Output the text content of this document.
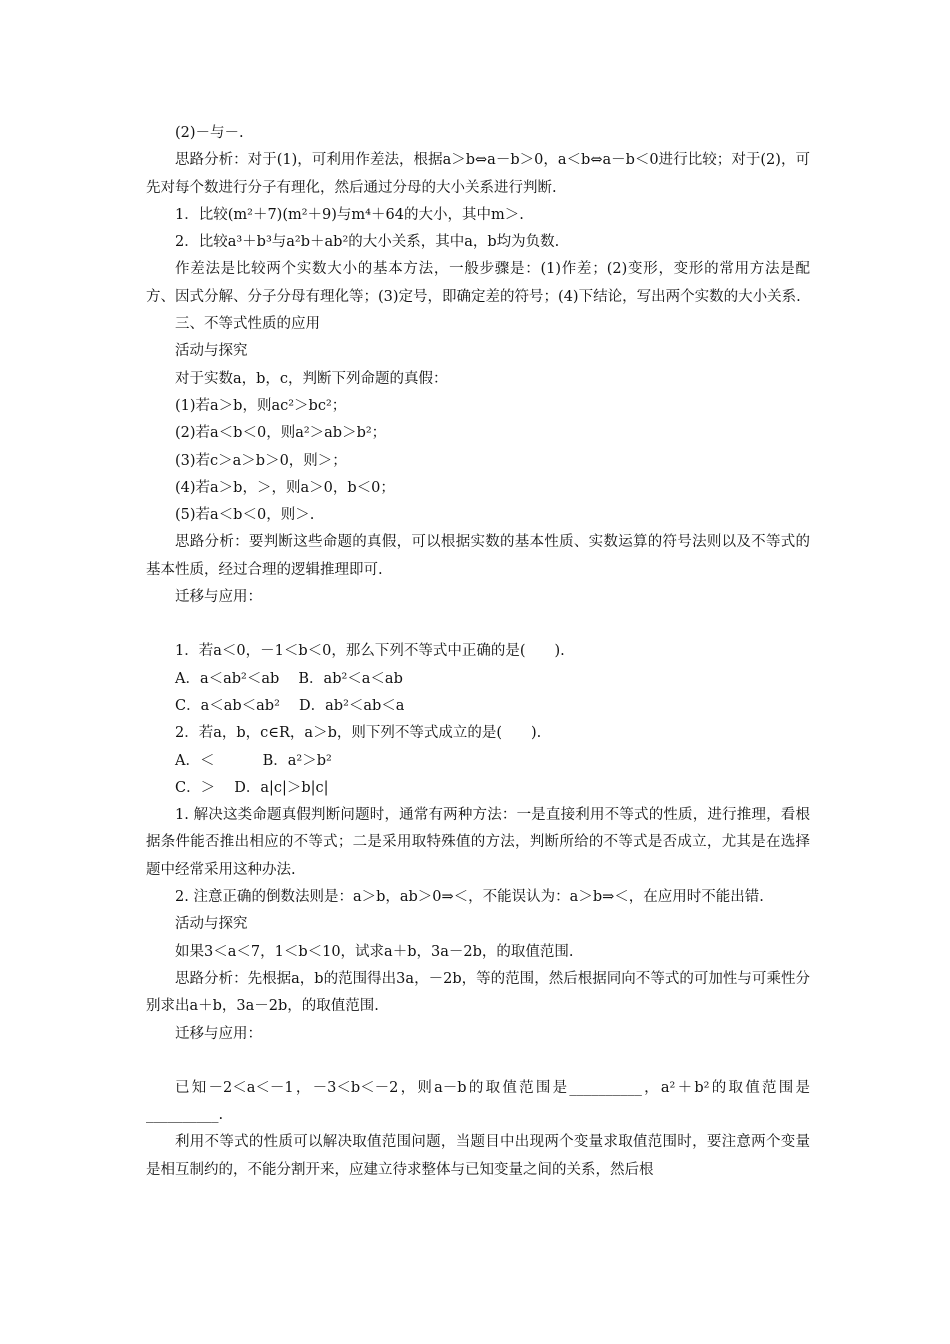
(2)－与－.

思路分析：对于(1)，可利用作差法，根据a＞b⇔a－b＞0，a＜b⇔a－b＜0进行比较；对于(2)，可先对每个数进行分子有理化，然后通过分母的大小关系进行判断.

1．比较(m²＋7)(m²＋9)与m⁴＋64的大小，其中m＞.

2．比较a³＋b³与a²b＋ab²的大小关系，其中a，b均为负数.

作差法是比较两个实数大小的基本方法，一般步骤是：(1)作差；(2)变形，变形的常用方法是配方、因式分解、分子分母有理化等；(3)定号，即确定差的符号；(4)下结论，写出两个实数的大小关系.

三、不等式性质的应用

活动与探究

对于实数a，b，c，判断下列命题的真假：

(1)若a＞b，则ac²＞bc²；

(2)若a＜b＜0，则a²＞ab＞b²；

(3)若c＞a＞b＞0，则＞；

(4)若a＞b，＞，则a＞0，b＜0；

(5)若a＜b＜0，则＞.

思路分析：要判断这些命题的真假，可以根据实数的基本性质、实数运算的符号法则以及不等式的基本性质，经过合理的逻辑推理即可.

迁移与应用：

1．若a＜0，－1＜b＜0，那么下列不等式中正确的是(　　).

A．a＜ab²＜ab　 B．ab²＜a＜ab

C．a＜ab＜ab²　 D．ab²＜ab＜a

2．若a，b，c∈R，a＞b，则下列不等式成立的是(　　).

A．＜　　　 B．a²＞b²

C．＞　 D．a|c|＞b|c|

1. 解决这类命题真假判断问题时，通常有两种方法：一是直接利用不等式的性质，进行推理，看根据条件能否推出相应的不等式；二是采用取特殊值的方法，判断所给的不等式是否成立，尤其是在选择题中经常采用这种办法.

2. 注意正确的倒数法则是：a＞b，ab＞0⇒＜，不能误认为：a＞b⇒＜，在应用时不能出错.

活动与探究

如果3＜a＜7，1＜b＜10，试求a＋b，3a－2b，的取值范围.

思路分析：先根据a，b的范围得出3a，－2b，等的范围，然后根据同向不等式的可加性与可乘性分别求出a＋b，3a－2b，的取值范围.

迁移与应用：

已知－2＜a＜－1，－3＜b＜－2，则a－b的取值范围是__________，a²＋b²的取值范围是__________.

利用不等式的性质可以解决取值范围问题，当题目中出现两个变量求取值范围时，要注意两个变量是相互制约的，不能分割开来，应建立待求整体与已知变量之间的关系，然后根
